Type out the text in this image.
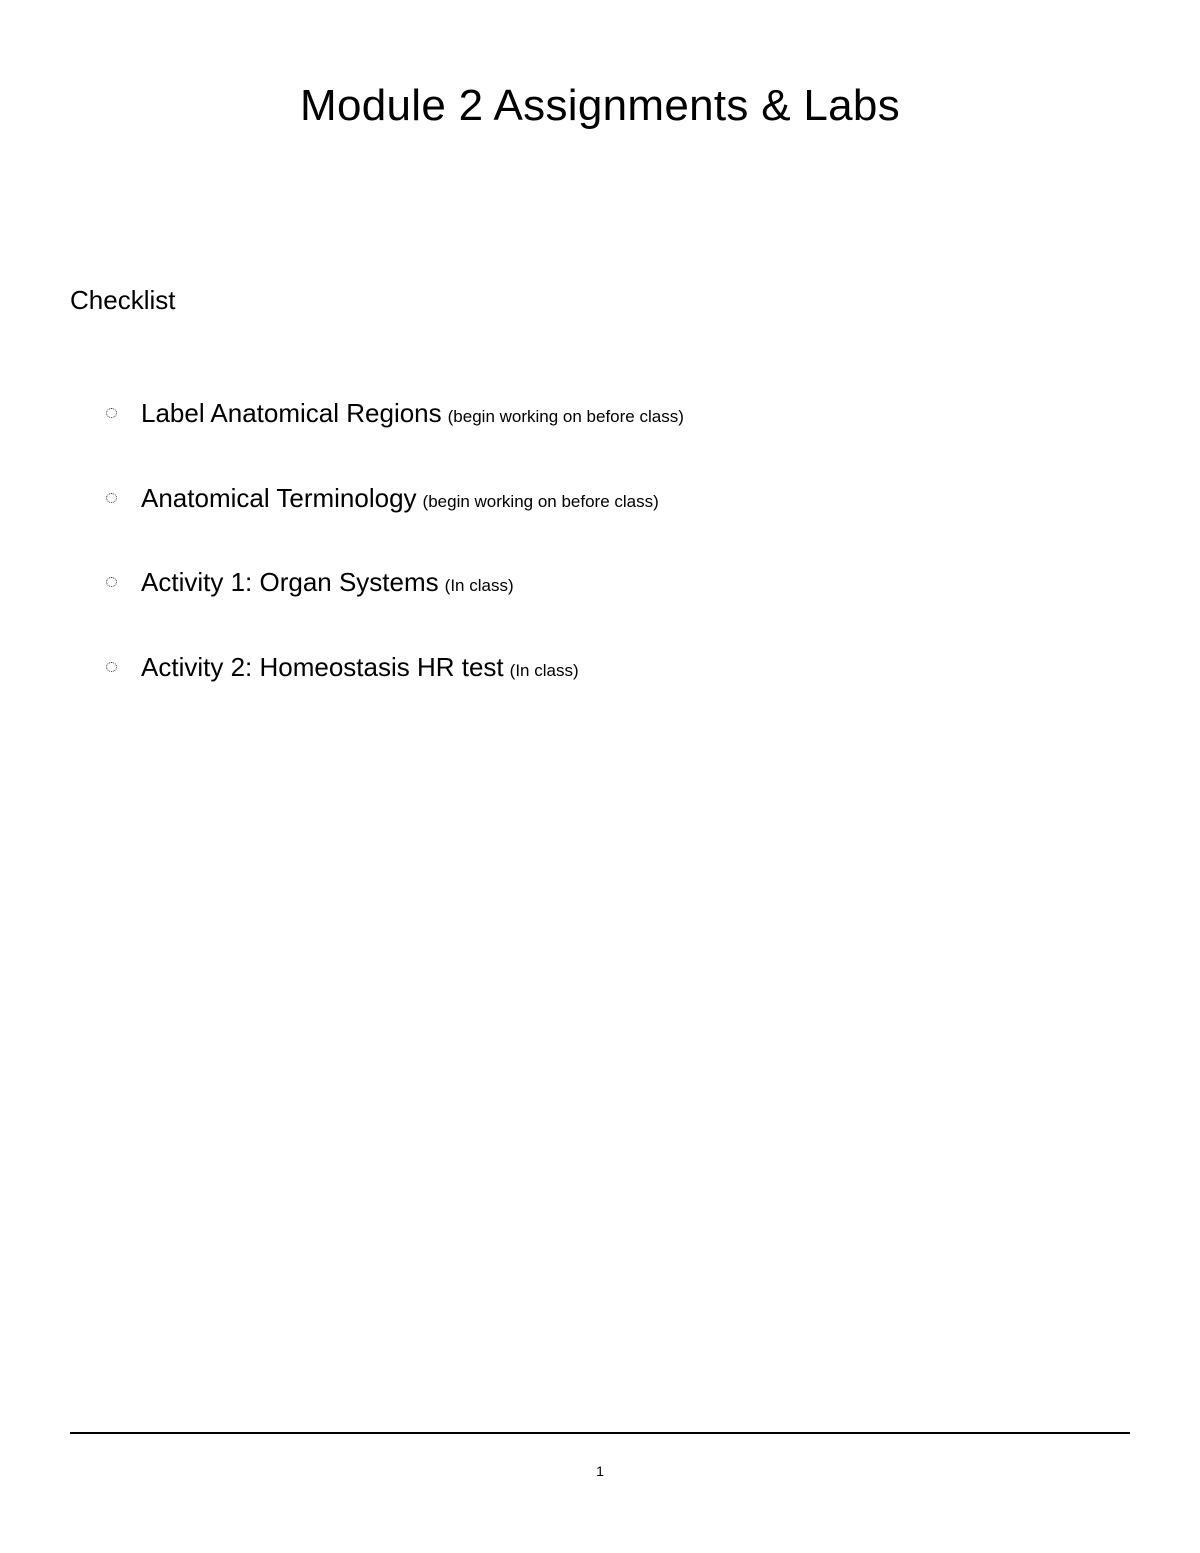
Module 2 Assignments & Labs
Checklist
Label Anatomical Regions (begin working on before class)
Anatomical Terminology (begin working on before class)
Activity 1: Organ Systems (In class)
Activity 2: Homeostasis HR test (In class)
1
